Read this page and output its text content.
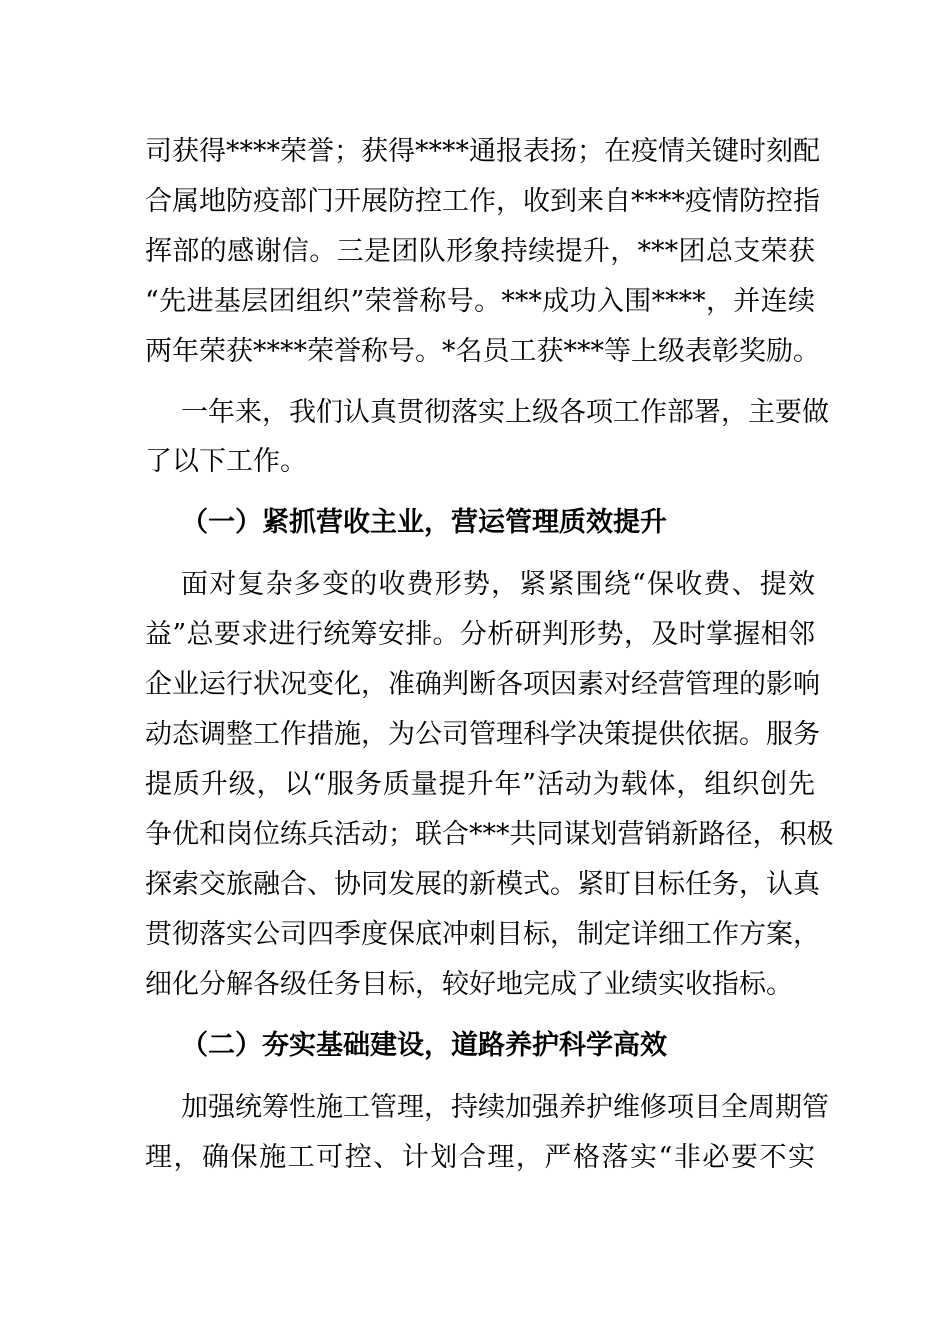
司获得****荣誉；获得****通报表扬；在疫情关键时刻配
合属地防疫部门开展防控工作，收到来自****疫情防控指
挥部的感谢信。三是团队形象持续提升，***团总支荣获
“先进基层团组织”荣誉称号。***成功入围****，并连续
两年荣获****荣誉称号。*名员工获***等上级表彰奖励。
一年来，我们认真贯彻落实上级各项工作部署，主要做
了以下工作。
（一）紧抓营收主业，营运管理质效提升
面对复杂多变的收费形势，紧紧围绕“保收费、提效
益”总要求进行统筹安排。分析研判形势，及时掌握相邻
企业运行状况变化，准确判断各项因素对经营管理的影响
动态调整工作措施，为公司管理科学决策提供依据。服务
提质升级，以“服务质量提升年”活动为载体，组织创先
争优和岗位练兵活动；联合***共同谋划营销新路径，积极
探索交旅融合、协同发展的新模式。紧盯目标任务，认真
贯彻落实公司四季度保底冲刺目标，制定详细工作方案，
细化分解各级任务目标，较好地完成了业绩实收指标。
（二）夯实基础建设，道路养护科学高效
加强统筹性施工管理，持续加强养护维修项目全周期管
理，确保施工可控、计划合理，严格落实“非必要不实
